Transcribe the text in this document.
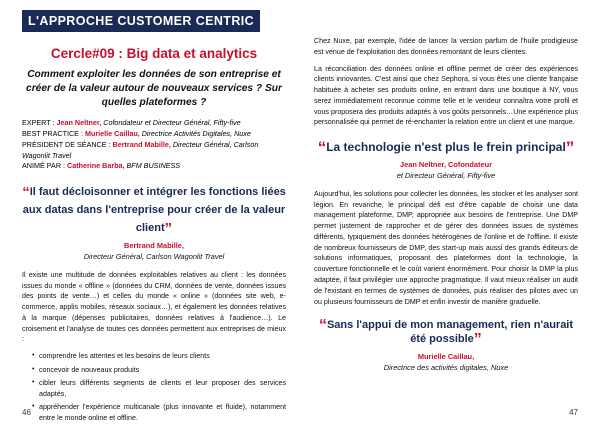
L'APPROCHE CUSTOMER CENTRIC
Cercle#09 : Big data et analytics
Comment exploiter les données de son entreprise et créer de la valeur autour de nouveaux services ? Sur quelles plateformes ?
EXPERT : Jean Neltner, Cofondateur et Directeur Général, Fifty-five
BEST PRACTICE : Murielle Caillau, Directrice Activités Digitales, Nuxe
PRÉSIDENT DE SÉANCE : Bertrand Mabille, Directeur Général, Carlson Wagonlit Travel
ANIMÉ PAR : Catherine Barba, BFM BUSINESS
“Il faut décloisonner et intégrer les fonctions liées aux datas dans l'entreprise pour créer de la valeur client”
Bertrand Mabille,
Directeur Général, Carlson Wagonlit Travel

Il existe une multitude de données exploitables relatives au client : les données issues du monde « offline » (données du CRM, données de vente, données issues des points de vente…) et celles du monde « online » (données site web, e-commerce, applis mobiles, réseaux sociaux…), et également les données relatives à la marque (dépenses publicitaires, données relatives à l'audience…). Le croisement et l'analyse de toutes ces données permettent aux entreprises de mieux :

• comprendre les attentes et les besoins de leurs clients
• concevoir de nouveaux produits
• cibler leurs différents segments de clients et leur proposer des services adaptés,
• appréhender l'expérience multicanale (plus innovante et fluide), notamment entre le monde online et offline.
46

Chez Nuxe, par exemple, l'idée de lancer la version parfum de l'huile prodigieuse est venue de l'exploitation des données remontant de leurs clientes.

La réconciliation des données online et offline permet de créer des expériences clients innovantes. C'est ainsi que chez Sephora, si vous êtes une cliente française habituée à acheter ses produits online, en entrant dans une boutique à NY, vous serez immédiatement reconnue comme telle et le vendeur connaîtra votre profil et vous proposera des produits adaptés à vos goûts personnels…Une expérience plus personnalisée qui permet de ré-enchanter la relation entre un client et une marque.

“La technologie n'est plus le frein principal”
Jean Neltner, Cofondateur
et Directeur Général, Fifty-five

Aujourd'hui, les solutions pour collecter les données, les stocker et les analyser sont légion. En revanche, le principal défi est d'être capable de choisir une data management plateforme, DMP, appropriée aux besoins de l'entreprise. Une DMP permet justement de rapprocher et de gérer des données issues de systèmes différents, typiquement des données hétérogènes de l'online et de l'offline. Il existe de nombreux fournisseurs de DMP, des start-up mais aussi des grands éditeurs de solutions informatiques, proposant des plateformes dont la technologie, la couverture fonctionnelle et le coût varient énormément. Pour choisir la DMP la plus adaptée, il faut privilégier une approche pragmatique. Il vaut mieux réaliser un audit de l'existant en termes de systèmes de données, puis réaliser des pilotes avec un ou plusieurs fournisseurs de DMP et enfin investir de manière graduelle.

“Sans l'appui de mon management, rien n'aurait été possible”
Murielle Caillau,
Directrice des activités digitales, Nuxe
47
